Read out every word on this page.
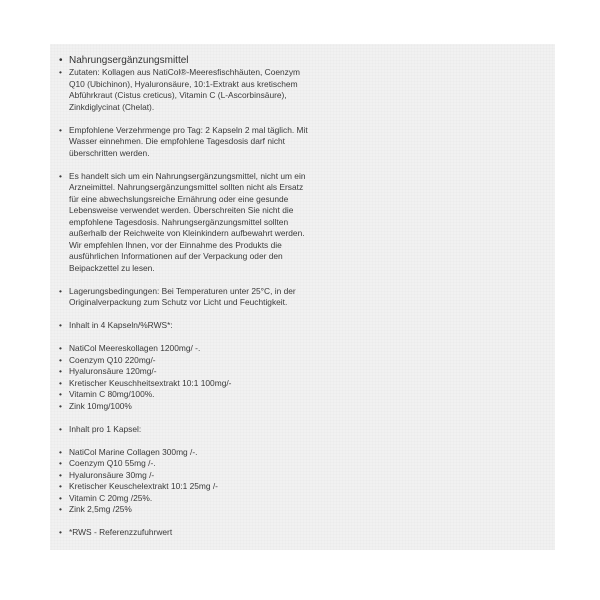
• Nahrungsergänzungsmittel
• Zutaten: Kollagen aus NatiCol®-Meeresfischhäuten, Coenzym
Q10 (Ubichinon), Hyaluronsäure, 10:1-Extrakt aus kretischem
Abführkraut (Cistus creticus), Vitamin C (L-Ascorbinsäure),
Zinkdiglycinat (Chelat).
• Empfohlene Verzehrmenge pro Tag: 2 Kapseln 2 mal täglich. Mit
Wasser einnehmen. Die empfohlene Tagesdosis darf nicht
überschritten werden.
• Es handelt sich um ein Nahrungsergänzungsmittel, nicht um ein
Arzneimittel. Nahrungsergänzungsmittel sollten nicht als Ersatz
für eine abwechslungsreiche Ernährung oder eine gesunde
Lebensweise verwendet werden. Überschreiten Sie nicht die
empfohlene Tagesdosis. Nahrungsergänzungsmittel sollten
außerhalb der Reichweite von Kleinkindern aufbewahrt werden.
Wir empfehlen Ihnen, vor der Einnahme des Produkts die
ausführlichen Informationen auf der Verpackung oder den
Beipackzettel zu lesen.
• Lagerungsbedingungen: Bei Temperaturen unter 25°C, in der
Originalverpackung zum Schutz vor Licht und Feuchtigkeit.
• Inhalt in 4 Kapseln/%RWS*:
• NatiCol Meereskollagen 1200mg/ -.
• Coenzym Q10 220mg/-
• Hyaluronsäure 120mg/-
• Kretischer Keuschheitsextrakt 10:1 100mg/-
• Vitamin C 80mg/100%.
• Zink 10mg/100%
• Inhalt pro 1 Kapsel:
• NatiCol Marine Collagen 300mg /-.
• Coenzym Q10 55mg /-.
• Hyaluronsäure 30mg /-
• Kretischer Keuschelextrakt 10:1 25mg /-
• Vitamin C 20mg /25%.
• Zink 2,5mg /25%
• *RWS - Referenzzufuhrwert
